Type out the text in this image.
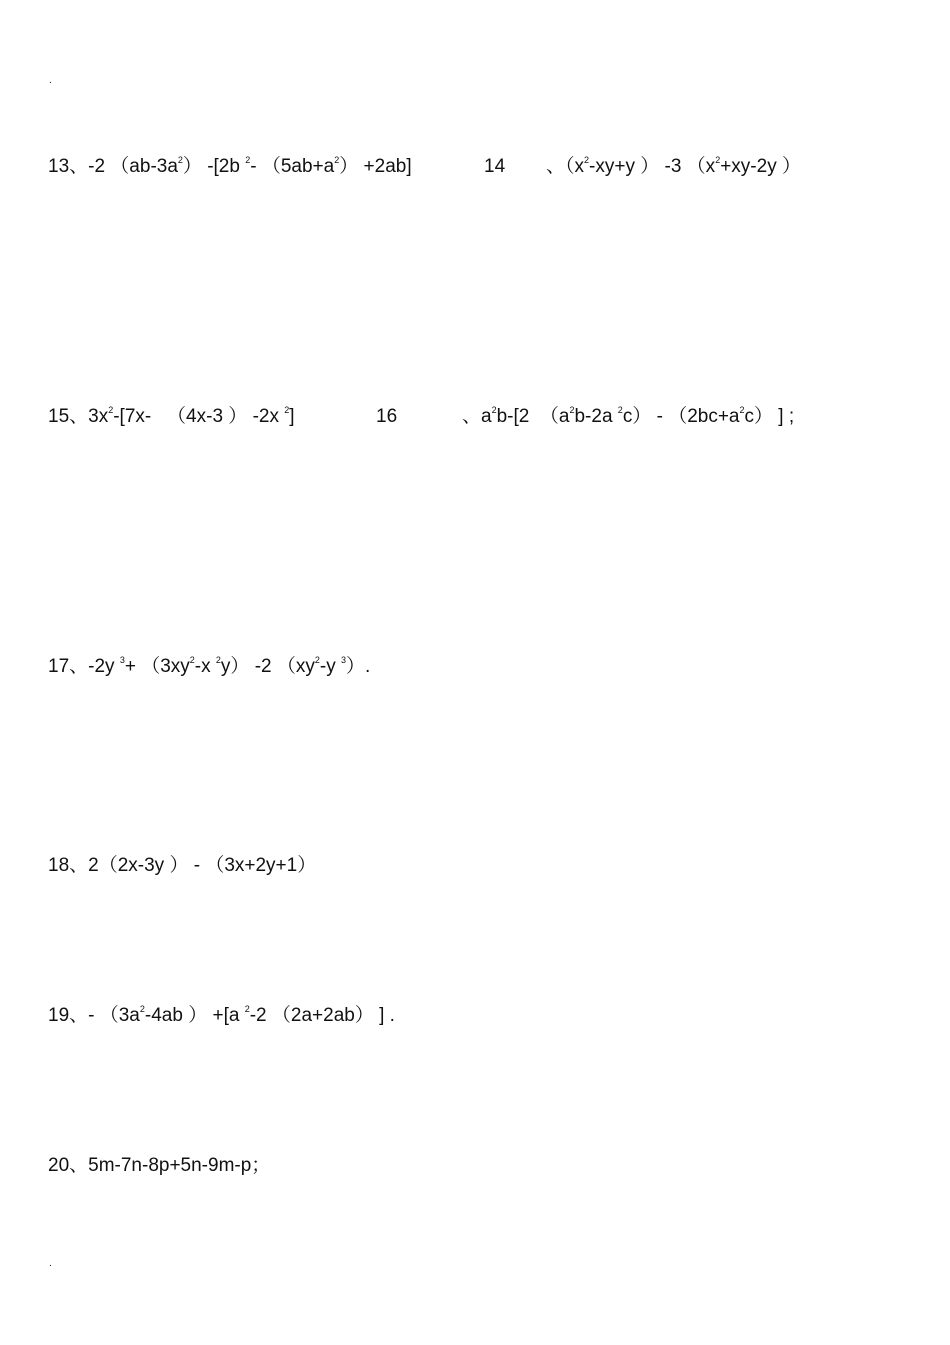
.
13、-2 $(ab-3a^2)$ -[2b $^2$- $(5ab+a^2) +2ab$]	14 、（$x^2-xy+y$ ） -3 （$x^2+xy-2y$ ）
15、$3x^2-[7x-$   （4x-3 ） -2x $^2$]	16	、$a^2b-[2$  （$a^2b-2a$ $^2c) - (2bc+a^2c)$ ] ;
17、-2y $^3+ (3xy^2-x$ $^2$y） -2 （$xy^2-y$ $^3$）.
18、2（2x-3y ） - （3x+2y+1）
19、- （$3a^2-4ab$ ） +[a $^2$-2 （2a+2ab） ] .
20、5m-7n-8p+5n-9m-p；
.
